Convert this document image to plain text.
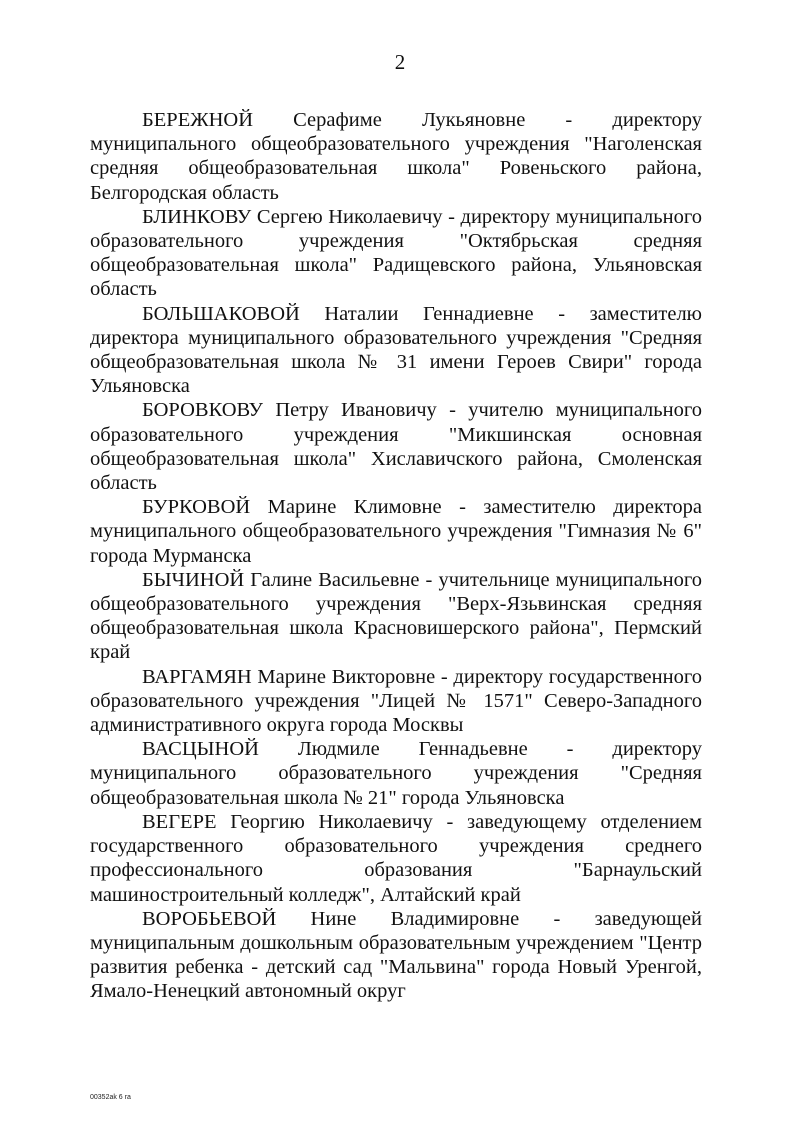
2

БЕРЕЖНОЙ Серафиме Лукьяновне - директору муниципального общеобразовательного учреждения "Наголенская средняя общеобразовательная школа" Ровеньского района, Белгородская область

БЛИНКОВУ Сергею Николаевичу - директору муниципального образовательного учреждения "Октябрьская средняя общеобразовательная школа" Радищевского района, Ульяновская область

БОЛЬШАКОВОЙ Наталии Геннадиевне - заместителю директора муниципального образовательного учреждения "Средняя общеобразовательная школа № 31 имени Героев Свири" города Ульяновска

БОРОВКОВУ Петру Ивановичу - учителю муниципального образовательного учреждения "Микшинская основная общеобразовательная школа" Хиславичского района, Смоленская область

БУРКОВОЙ Марине Климовне - заместителю директора муниципального общеобразовательного учреждения "Гимназия № 6" города Мурманска

БЫЧИНОЙ Галине Васильевне - учительнице муниципального общеобразовательного учреждения "Верх-Язьвинская средняя общеобразовательная школа Красновишерского района", Пермский край

ВАРГАМЯН Марине Викторовне - директору государственного образовательного учреждения "Лицей № 1571" Северо-Западного административного округа города Москвы

ВАСЦЫНОЙ Людмиле Геннадьевне - директору муниципального образовательного учреждения "Средняя общеобразовательная школа № 21" города Ульяновска

ВЕГЕРЕ Георгию Николаевичу - заведующему отделением государственного образовательного учреждения среднего профессионального образования "Барнаульский машиностроительный колледж", Алтайский край

ВОРОБЬЕВОЙ Нине Владимировне - заведующей муниципальным дошкольным образовательным учреждением "Центр развития ребенка - детский сад "Мальвина" города Новый Уренгой, Ямало-Ненецкий автономный округ

00352ak 6 ra
